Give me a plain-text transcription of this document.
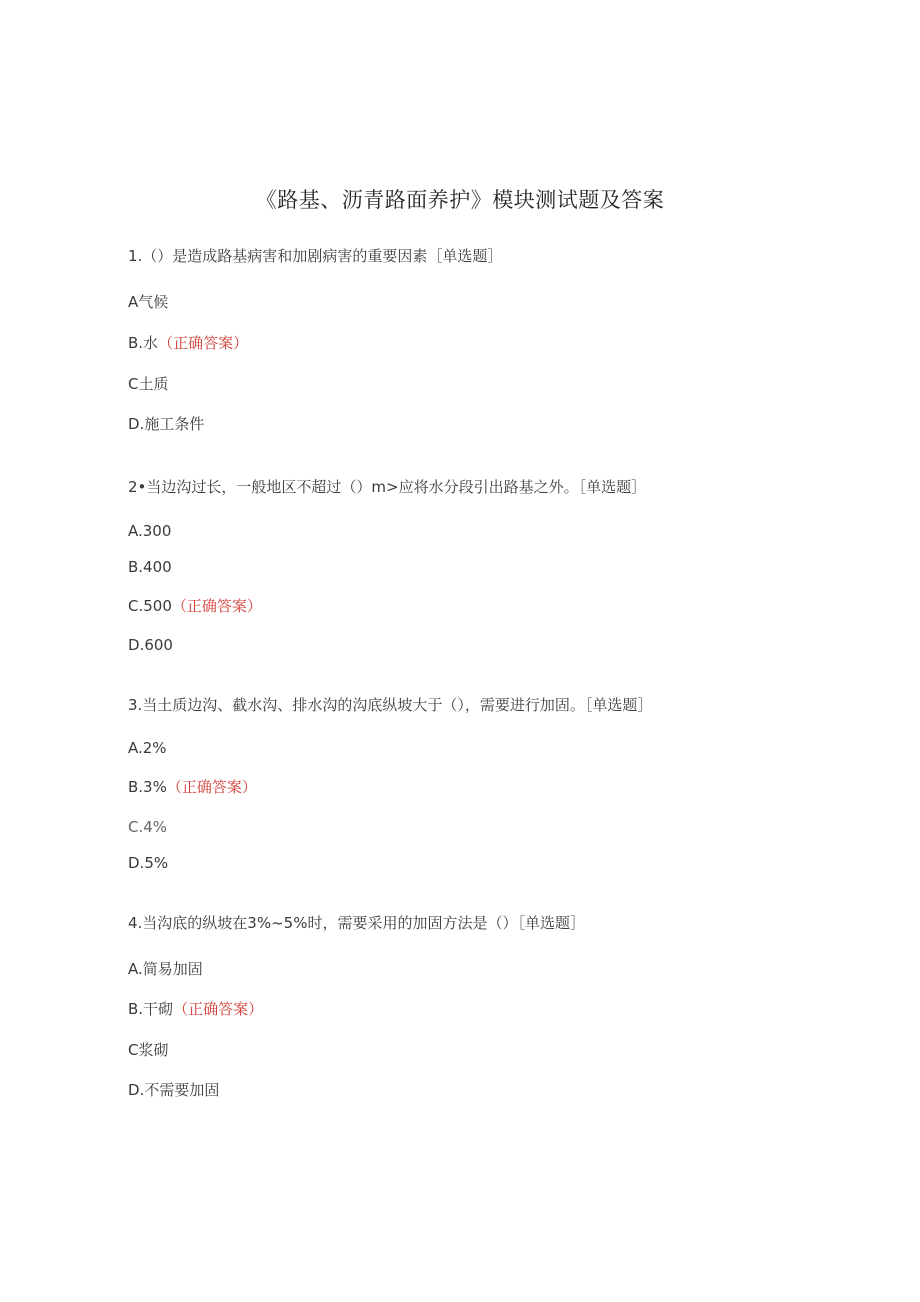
《路基、沥青路面养护》模块测试题及答案
1.（）是造成路基病害和加剧病害的重要因素［单选题］
A气候
B.水（正确答案）
C土质
D.施工条件
2•当边沟过长，一般地区不超过（）m>应将水分段引出路基之外。［单选题］
A.300
B.400
C.500（正确答案）
D.600
3.当土质边沟、截水沟、排水沟的沟底纵坡大于（），需要进行加固。［单选题］
A.2%
B.3%（正确答案）
C.4%
D.5%
4.当沟底的纵坡在3%~5%时，需要采用的加固方法是（）［单选题］
A.简易加固
B.干砌（正确答案）
C浆砌
D.不需要加固
